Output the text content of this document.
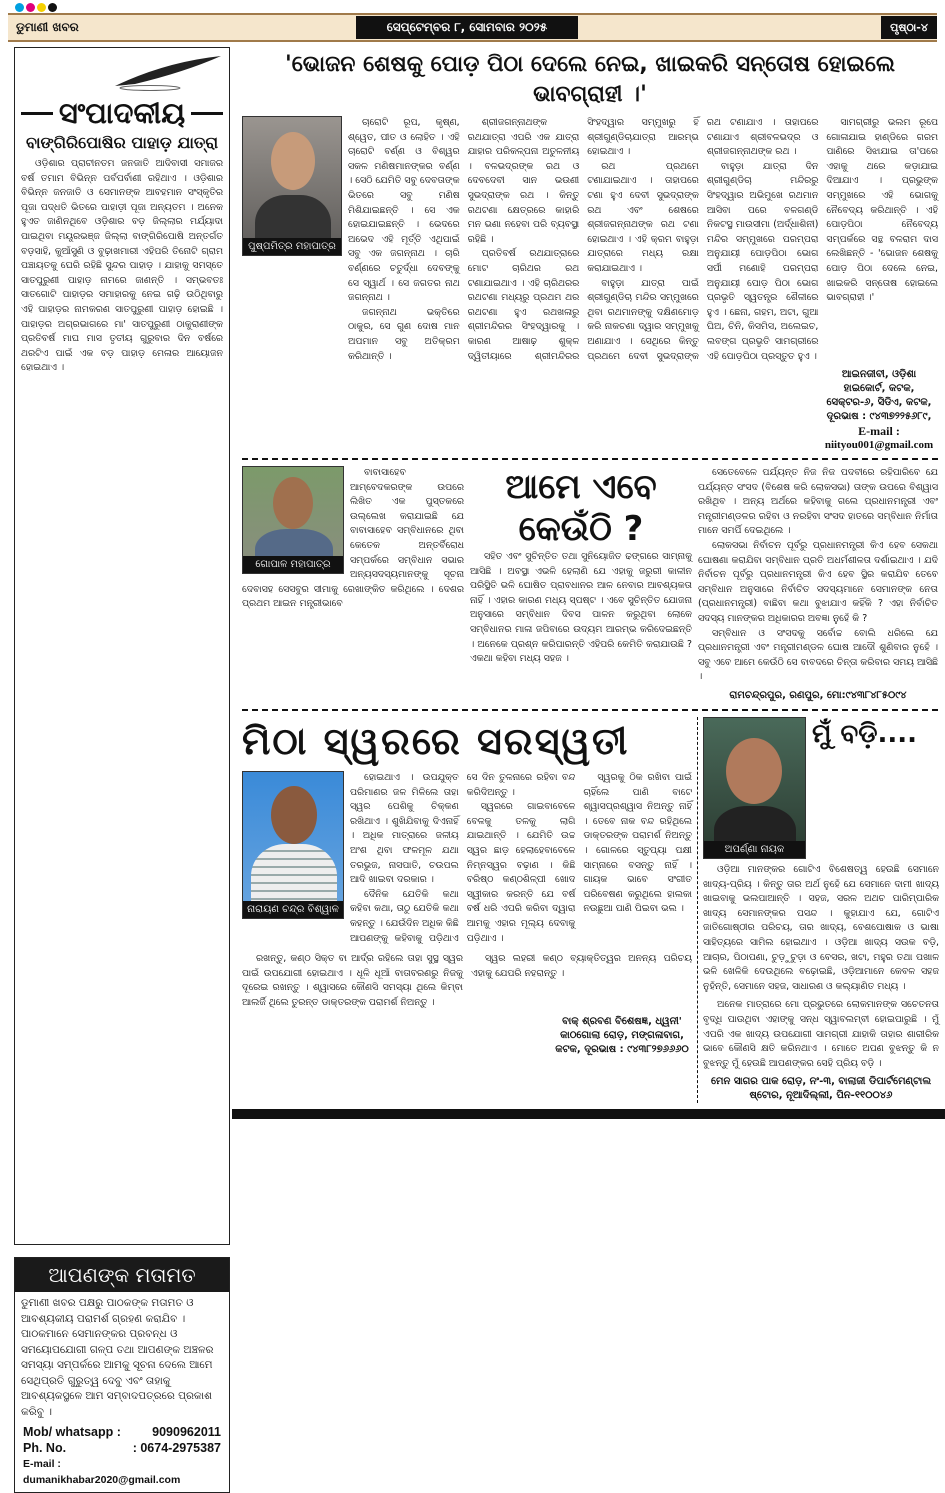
ଡୁମାଣୀ ଖବର	ସେପ୍ଟେମ୍ବର ୮, ସୋମବାର ୨୦୨୫	ପୃଷ୍ଠା-୪
ସଂପାଦକୀୟ
ବାଙ୍ଗିରିପୋଷିର ପାହାଡ଼ ଯାତ୍ରା

ଓଡ଼ିଶାର ପ୍ରାଚୀନତମ ଜନଜାତି ଆଦିବାସୀ ସମାଜର ବର୍ଷ ତମାମ ବିଭିନ୍ନ ପର୍ବପର୍ବାଣୀ ରହିଥାଏ । ଓଡ଼ିଶାର ବିଭିନ୍ନ ଜନଜାତି ଓ ସେମାନଙ୍କ ଆବହମାନ ସଂସ୍କୃତିର ପୂଜା ପଦ୍ଧତି ଭିତରେ ପାହାଡ଼ୀ ପୂଜା ଅନ୍ୟତମ । ଅନେକ ହୁଏତ ଜାଣିନଥିବେ ଓଡ଼ିଶାର ବଡ଼ ଜିଲ୍ଲାର ମର୍ଯ୍ୟାଦା ପାଇଥିବା ମୟୂରଭଞ୍ଜ ଜିଲ୍ଲା ବାଙ୍ଗିରିପୋଷି ଅନ୍ତର୍ଗତ ବଡ଼ସାହି, କୁଆଁସୁଣି ଓ ବୁଢ଼ାଖମାରୀ ଏହିପରି ତିନୋଟି ଗ୍ରାମ ପଞ୍ଚାୟତକୁ ଘେରି ରହିଛି ସୁନ୍ଦର ପାହାଡ଼ । ଯାହାକୁ ସମସ୍ତେ ସାତପୁରୁଣୀ ପାହାଡ଼ ନାମରେ ଜାଣନ୍ତି । ସମ୍ଭବତଃ ସାତଗୋଟି ପାହାଡ଼ର ସମାହାରକୁ ନେଇ ଗଢ଼ି ଉଠିଥିବାରୁ ଏହି ପାହାଡ଼ର ନାମକରଣ ସାତପୁରୁଣୀ ପାହାଡ଼ ହୋଇଛି । ପାହାଡ଼ର ଅଗ୍ରଭାଗରେ ମା' ସାତପୁରୁଣୀ ଠାକୁରାଣୀଙ୍କ ପ୍ରତିବର୍ଷ ମାଘ ମାସ ତୃତୀୟ ଗୁରୁବାର ଦିନ ବର୍ଷରେ ଥରଟିଏ ପାଇଁ ଏକ ବଡ଼ ପାହାଡ଼ ମେଳାର ଆୟୋଜନ ହୋଇଥାଏ ।

ଆପଣଙ୍କ ମତାମତ
ଡୁମାଣୀ ଖବର ପକ୍ଷରୁ ପାଠକଙ୍କ ମତାମତ ଓ ଆବଶ୍ୟକୀୟ ପରାମର୍ଶ ଗ୍ରହଣ କରାଯିବ । ପାଠକମାନେ ସେମାନଙ୍କର ପ୍ରବନ୍ଧ ଓ ସମୟୋପଯୋଗୀ ଗଳ୍ପ ତଥା ଆପଣଙ୍କ ଅଞ୍ଚଳର ସମସ୍ୟା ସମ୍ପର୍କରେ ଆମକୁ ସୂଚନା ଦେଲେ ଆମେ ସେଥିପ୍ରତି ଗୁରୁତ୍ୱ ଦେବୁ ଏବଂ ତାହାକୁ ଆବଶ୍ୟକସ୍ଥଳେ ଆମ ସମ୍ବାଦପତ୍ରରେ ପ୍ରକାଶ କରିବୁ ।
Mob/ whatsapp : 9090962011
Ph. No.	: 0674-2975387
E-mail : dumanikhabar2020@gmail.com
'ଭୋଜନ ଶେଷକୁ ପୋଡ଼ ପିଠା ଦେଲେ ନେଇ, ଖାଇକରି ସନ୍ତୋଷ ହୋଇଲେ ଭାବଗ୍ରାହୀ ।'
ପୁଷ୍ପମିତ୍ର ମହାପାତ୍ର

ଚାରୋଟି ରୂପ, କୃଷ୍ଣ, ଶ୍ୱେତ, ପୀତ ଓ ଲୋହିତ । ଏହି ଚାରୋଟି ବର୍ଣ୍ଣ ଓ ବିଶ୍ୱର ସକଳ ମଣିଷମାନଙ୍କର ବର୍ଣ୍ଣ । ସେଠି ଯେମିତି ସବୁ ଦେବତାଙ୍କ ଭିତରେ ସବୁ ମଣିଷ ମିଶିଯାଇଛନ୍ତି । ସେ ଏକ ହୋଇଯାଇଛନ୍ତି । ଭେଦରେ ଅଭେଦ ଏହି ମୂର୍ତ୍ତି ଏଥିପାଇଁ ସବୁ ଏକ ଜଗନ୍ନାଥ । ଚାରି ବର୍ଣ୍ଣରେ ଚତୁର୍ଦ୍ଧା ଦେବଙ୍କୁ ସେ ସ୍ୱାର୍ଥ । ସେ ଜଗତର ନାଥ ଜଗନ୍ନାଥ ।

ଜଗନ୍ନାଥ ଭକ୍ତିରେ ଠାକୁର, ସେ ଗୁଣ ଦୋଷ ମାନ ଅପମାନ ସବୁ ଅତିକ୍ରମ କରିଥାନ୍ତି ।

ଶ୍ରୀଜଗନ୍ନାଥଙ୍କ ରଥଯାତ୍ରା ଏପରି ଏକ ଯାତ୍ରା ଯାହାର ପରିକଳ୍ପନା ଅତୁଳନୀୟ । ବଳଭଦ୍ରଙ୍କ ରଥ ଓ ଦେବଦେବୀ ସାନ ଭଉଣୀ ସୁଭଦ୍ରାଙ୍କ ରଥ । କିନ୍ତୁ ରଥଟଣା କ୍ଷେତ୍ରରେ କାହାରି ମନ ଭଣା ନହେବା ପରି ବ୍ୟବସ୍ଥା ରହିଛି ।

ପ୍ରତିବର୍ଷ ରଥଯାତ୍ରାରେ ମୋଟ ଚାରିଥର ରଥ ଟଣାଯାଇଥାଏ । ଏହି ଚାରିଥରର ରଥଟଣା ମଧ୍ୟରୁ ପ୍ରଥମ ଥର ରଥଟଣା ହୁଏ ରଥଖଳାରୁ ଶ୍ରୀମନ୍ଦିରର ସିଂହଦ୍ୱାରକୁ । କାରଣ ଆଷାଢ଼ ଶୁକ୍ଳ ଦ୍ୱିତୀୟାରେ ଶ୍ରୀମନ୍ଦିରର ସିଂହଦ୍ୱାର ସମ୍ମୁଖରୁ ହିଁ ଶ୍ରୀଗୁଣ୍ଡିଚାଯାତ୍ରା ଆରମ୍ଭ ହୋଇଥାଏ ।

ରଥ ପ୍ରଥମେ ଟଣାଯାଇଥାଏ । ତାହାପରେ ଟଣା ହୁଏ ଦେବୀ ସୁଭଦ୍ରାଙ୍କ ରଥ ଏବଂ ଶେଷରେ ଶ୍ରୀଜଗନ୍ନାଥଙ୍କ ରଥ ଟଣା ହୋଇଥାଏ । ଏହି କ୍ରମ ବାହୁଡ଼ା ଯାତ୍ରାରେ ମଧ୍ୟ ରକ୍ଷା କରାଯାଇଥାଏ ।

ବାହୁଡ଼ା ଯାତ୍ରା ପାଇଁ ଶ୍ରୀଗୁଣ୍ଡିଚା ମନ୍ଦିର ସମ୍ମୁଖରେ ଥିବା ରଥମାନଙ୍କୁ ଦକ୍ଷିଣମୋଡ଼ କରି ନାକଚଣା ଦ୍ୱାର ସମ୍ମୁଖକୁ ଅଣାଯାଏ । ସେଥିରେ କିନ୍ତୁ ପ୍ରଥମେ ଦେବୀ ସୁଭଦ୍ରାଙ୍କ ରଥ ଟଣାଯାଏ । ତାହାପରେ ଟଣାଯାଏ ଶ୍ରୀବଳଭଦ୍ର ଓ ଶ୍ରୀଜଗନ୍ନାଥଙ୍କ ରଥ ।

ବାହୁଡ଼ା ଯାତ୍ରା ଦିନ ଶ୍ରୀଗୁଣ୍ଡିଚା ମନ୍ଦିରରୁ ସିଂହଦ୍ୱାର ଅଭିମୁଖେ ରଥମାନ ଆସିବା ପରେ ବଳଗଣ୍ଡି ନିକଟସ୍ଥ ମାଉସୀମା (ଅର୍ଦ୍ଧାଶିନୀ) ମନ୍ଦିର ସମ୍ମୁଖରେ ପରମ୍ପରା ଅନୁଯାୟୀ ପୋଡ଼ପିଠା ଭୋଗ ସର୍ପୀ ମଣୋହି ପରମ୍ପରା ଅନୁଯାୟୀ ପୋଡ଼ ପିଠା ଭୋଗ ପ୍ରଭୃତି ସ୍ୱତନ୍ତ୍ର ଶୈଳୀରେ ହୁଏ । ଛେନା, ଗହମ, ଅଟା, ଗୁଆ ଘିଅ, ଚିନି, କିସମିସ, ଅଲେଇଚ, ଲବଙ୍ଗ ପ୍ରଭୃତି ସାମଗ୍ରୀରେ ଏହି ପୋଡ଼ପିଠା ପ୍ରସ୍ତୁତ ହୁଏ ।

ସାମଗ୍ରୀରୁ ଭଲମ ରୂପେ ଗୋଳାଯାଇ ହାଣ୍ଡିରେ ଗରମ ପାଣିରେ ସିଝାଯାଇ ତା'ପରେ ଏହାକୁ ଥରେ କଡ଼ାଯାଇ ଦିଆଯାଏ । ପ୍ରଭୁଙ୍କ ସମ୍ମୁଖରେ ଏହି ଭୋଗକୁ ନୈବେଦ୍ୟ କରିଥାନ୍ତି । ଏହି ପୋଡ଼ପିଠା ନୈବେଦ୍ୟ ସମ୍ପର୍କରେ ସନ୍ଥ ବଳରାମ ଦାସ ଲେଖିଛନ୍ତି - 'ଭୋଜନ ଶେଷକୁ ପୋଡ଼ ପିଠା ଦେଲେ ନେଇ, ଖାଇକରି ସନ୍ତୋଷ ହୋଇଲେ ଭାବଗ୍ରାହୀ ।'

ଆଇନଜୀବୀ, ଓଡ଼ିଶା ହାଇକୋର୍ଟ, କଟକ, ସେକ୍ଟର-୬, ସିଡିଏ, କଟକ, ଦୂରଭାଷ : ୯୪୩୭୨୨୫୬୮୯,
E-mail :
niityou001@gmail.com
ଗୋପାଳ ମହାପାତ୍ର

ବାବାସାହେବ ଆମ୍ବେଦକରଙ୍କ ଉପରେ ଲିଖିତ ଏକ ପୁସ୍ତକରେ ଉଲ୍ଲେଖ କରାଯାଇଛି ଯେ ବାବାସାହେବ ସମ୍ବିଧାନରେ ଥିବା କେତେକ ଅନ୍ତର୍ବିରୋଧ ସମ୍ପର୍କରେ ସମ୍ବିଧାନ ସଭାର ଅନ୍ୟସଦସ୍ୟମାନଙ୍କୁ ସୂଚନା ଦେବାସହ ସେସବୁର ସୀମାକୁ ରେଖାଙ୍କିତ କରିଥିଲେ । ଦେଶର ପ୍ରଥମ ଆଇନ ମନ୍ତ୍ରୀଭାବେ

ଆମେ ଏବେ କେଉଁଠି ?

ସହିତ ଏବଂ ସୁଚିନ୍ତିତ ତଥା ସୁନିୟୋଜିତ ଢଙ୍ଗରେ ସାମ୍ନାକୁ ଆସିଛି । ଅବସ୍ଥା ଏଭଳି ହେଲାଣି ଯେ ଏହାକୁ ଜରୁରୀ କାଳୀନ ପରିସ୍ଥିତି ଭଳି ଘୋଷିତ ପ୍ରାବଧାନର ଆଳ ନେବାର ଆବଶ୍ୟକତା ନାହିଁ । ଏହାର କାରଣ ମଧ୍ୟ ସ୍ପଷ୍ଟ । ଏବେ ସୁଚିନ୍ତିତ ଯୋଜନା ଅନୁସାରେ ସମ୍ବିଧାନ ଦିବସ ପାଳନ କରୁଥିବା ଲୋକେ ସମ୍ବିଧାନର ମାଳା ଜପିବାରେ ଉଦ୍ୟମ ଆରମ୍ଭ କରିଦେଇଛନ୍ତି । ଅନେକେ ପ୍ରଶ୍ନ କରିପାରନ୍ତି ଏହିପରି କେମିତି କରାଯାଉଛି ? ଏକଥା କହିବା ମଧ୍ୟ ସହଜ ।

ସେତେବେଳେ ପର୍ଯ୍ୟନ୍ତ ନିଜ ନିଜ ପଦବୀରେ ରହିପାରିବେ ଯେ ପର୍ଯ୍ୟନ୍ତ ସଂସଦ (ବିଶେଷ କରି ଲୋକସଭା) ତାଙ୍କ ଉପରେ ବିଶ୍ୱାସ ରଖିଥିବ । ଅନ୍ୟ ଅର୍ଥରେ କହିବାକୁ ଗଲେ ପ୍ରଧାନମନ୍ତ୍ରୀ ଏବଂ ମନ୍ତ୍ରୀମଣ୍ଡଳର ରହିବା ଓ ନରହିବା ସଂସଦ ହାତରେ ସମ୍ବିଧାନ ନିର୍ମାତା ମାନେ ସମର୍ପି ଦେଇଥିଲେ ।

ଲୋକସଭା ନିର୍ବାଚନ ପୂର୍ବରୁ ପ୍ରଧାନମନ୍ତ୍ରୀ କିଏ ହେବ ସେକଥା ଘୋଷଣା କରାଯିବା ସମ୍ବିଧାନ ପ୍ରତି ଅଧର୍ମଶୀଳତା ଦର୍ଶାଇଥାଏ । ଯଦି ନିର୍ବାଚନ ପୂର୍ବରୁ ପ୍ରଧାନମନ୍ତ୍ରୀ କିଏ ହେବ ସ୍ଥିର କରାଯିବ ତେବେ ସମ୍ବିଧାନ ଅନୁସାରେ ନିର୍ବାଚିତ ସଦସ୍ୟମାନେ ସେମାନଙ୍କ ନେତା (ପ୍ରଧାନମନ୍ତ୍ରୀ) ବାଛିବା କଥା ବୁଝାଯାଏ କହିଁକି ? ଏହା ନିର୍ବାଚିତ ସଦସ୍ୟ ମାନଙ୍କର ଅଧିକାରର ଅବଜ୍ଞା ନୁହେଁ କି ?

ସମ୍ବିଧାନ ଓ ସଂସଦକୁ ସର୍ବୋଚ୍ଚ ବୋଲି ଧରିଲେ ଯେ ପ୍ରଧାନମନ୍ତ୍ରୀ ଏବଂ ମନ୍ତ୍ରୀମଣ୍ଡଳ ଘୋଷ ଆଦୌ ଶୁଣିବାର ନୁହେଁ । ସବୁ ଏବେ ଆମେ କେଉଁଠି ସେ ବାବଦରେ ଚିନ୍ତା କରିବାର ସମୟ ଆସିଛି ।

ରାମଚନ୍ଦ୍ରପୁର, ରଣପୁର, ମୋ:୯୪୩୮୪୮୫୦୯୪
ମିଠା ସ୍ୱରରେ ସରସ୍ୱତୀ
ନାରାୟଣ ଚନ୍ଦ୍ର ବିଶ୍ୱାଳ

ହୋଇଥାଏ । ଉପଯୁକ୍ତ ପରିମାଣର ଜଳ ମିଳିଲେ ତାହା ସ୍ୱର ପେଶିକୁ ଚିକ୍କଣ ରଖିଥାଏ । ଶୁଖିଯିବାକୁ ଦିଏନାହିଁ । ଅଧିକ ମାତ୍ରାରେ ଜଳୀୟ ଅଂଶ ଥିବା ଫଳମୂଳ ଯଥା ତରଭୁଜ, ନାସପାତି, ଚଉପଲ ଆଦି ଖାଇବା ଦରକାର ।

ଦୈନିକ ଯେତିକି କଥା କହିବା କଥା, ତାଠୁ ଯେତିକି କଥା କହନ୍ତୁ । ଯେଉଁଦିନ ଅଧିକ କିଛି ଆପଣଙ୍କୁ କହିବାକୁ ପଡ଼ିଥାଏ ସେ ଦିନ ତୁଳନାରେ ରହିବା ବନ୍ଦ କରିଦିଅନ୍ତୁ ।

ସ୍ୱରରେ ଗାଇବାବେଳେ ବେଳକୁ ତଳକୁ ଲାଗି ଯାଇଥାନ୍ତି । ଯେମିତି ଉଚ୍ଚ ସ୍ୱର ଛାଡ଼ ହେଲାହେବାବେଳେ ନିମ୍ନସ୍ୱର ବଢ଼ାଣ । କିଛି ବରିଷ୍ଠ କଣ୍ଠଶିଳ୍ପୀ ଖୋଦ ସ୍ୱୀକାର କରନ୍ତି ଯେ ବର୍ଷ ବର୍ଷ ଧରି ଏପରି କରିବା ଦ୍ୱାରା ଆମକୁ ଏହାର ମୂଲ୍ୟ ଦେବାକୁ ପଡ଼ିଥାଏ ।

ସ୍ୱରକୁ ଠିକ ରଖିବା ପାଇଁ ଚାହିଁଲେ ପାଣି ବାଟେ ଶ୍ୱାସପ୍ରଶ୍ୱାସ ନିଅନ୍ତୁ ନାହିଁ । ତେବେ ନାକ ବନ୍ଦ ରହିଥିଲେ ଡାକ୍ତରଙ୍କ ପରାମର୍ଶ ନିଅନ୍ତୁ । ଗୋଳରେ ସ୍ତୁପ୍ୟା ପକ୍ଷୀ ସାମ୍ନାରେ ବସନ୍ତୁ ନାହିଁ । ଗାୟକ ଭାବେ ସଂଗୀତ ପରିବେଷଣ କରୁଥିଲେ ହାଲକା ନଉଛୁଆ ପାଣି ପିଇବା ଭଲ ।

ରଖନ୍ତୁ, କଣ୍ଠ ସିକ୍ତ ବା ଆର୍ଦ୍ର ରହିଲେ ତାହା ସୁସ୍ଥ ସ୍ୱର ପାଇଁ ଉପଯୋଗୀ ହୋଇଥାଏ । ଧୂଳି ଧୂଆଁ ବାତାବରଣରୁ ନିଜକୁ ଦୂରେଇ ରଖନ୍ତୁ । ଶ୍ୱାସରେ କୌଣସି ସମସ୍ୟା ଥିଲେ କିମ୍ବା ଆଲର୍ଜି ଥିଲେ ତୁରନ୍ତ ଡାକ୍ତରଙ୍କ ପରାମର୍ଶ ନିଅନ୍ତୁ ।

ସ୍ୱର ଲହରୀ କଣ୍ଠ ବ୍ୟାକ୍ତିତ୍ୱର ଅନନ୍ୟ ପରିଚୟ ଏହାକୁ ଯେପରି ନହରାନ୍ତୁ ।

ବାକ୍ ଶ୍ରବଣ ବିଶେଷଜ୍ଞ, ଧ୍ୱନୀ' କାଠଗୋଲା ରୋଡ଼, ମଙ୍ଗଳାବାଗ, କଟକ, ଦୂରଭାଷ : ୯୪୩୮୨୭୬୬୬୦
ଅପର୍ଣ୍ଣା ନାୟକ
ମୁଁ ବଡ଼ି....

ଓଡ଼ିଆ ମାନଙ୍କର ଗୋଟିଏ ବିଶେଷତ୍ୱ ହେଉଛି ସେମାନେ ଖାଦ୍ୟ-ପ୍ରିୟ । କିନ୍ତୁ ତାର ଅର୍ଥ ନୁହେଁ ଯେ ସେମାନେ ଦାମୀ ଖାଦ୍ୟ ଖାଇବାକୁ ଭଲପାଆନ୍ତି । ସହଜ, ସରଳ ଅଥଚ ପାରିମ୍ପାରିକ ଖାଦ୍ୟ ସେମାନଙ୍କର ପସନ୍ଦ । କୁହାଯାଏ ଯେ, ଗୋଟିଏ ଜାତିଗୋଷ୍ଠୀର ପରିଚୟ, ତାର ଖାଦ୍ୟ, ବେଶପୋଷାକ ଓ ଭାଷା ସାହିତ୍ୟରେ ସାମିଲ ହୋଇଥାଏ । ଓଡ଼ିଆ ଖାଦ୍ୟ ସଉକ ବଡ଼ି, ଆଚାର, ପିଠାପଣା, ଚୁଡ଼ୁଚୁଡ଼ା ଓ ବେସର, ଖଟା, ମହୁର ତଥା ପଖାଳ ଭଳି ଖେଳିକି ଦେଉଥିଲେ ବଢ଼ୋଇଛି, ଓଡ଼ିଆମାନେ କେବଳ ସହଜ ନୁହଁନ୍ତି, ସେମାନେ ସହଜ, ସାଧାରଣ ଓ କଲ୍ୟାଣିତ ମଧ୍ୟ ।

ଅନେକ ମାତ୍ରାରେ ମୋ ପ୍ରଭୁତରେ ଲୋକମାନଙ୍କ ସଚେତନତା ବୃଦ୍ଧି ପାଉଥିବା ଏହାଙ୍କୁ ସନ୍ଧ ସ୍ୱାବଲମ୍ବୀ ହୋଇପାରୁଛି । ମୁଁ ଏପରି ଏକ ଖାଦ୍ୟ ଉପଯୋଗୀ ସାମଗ୍ରୀ ଯାହାକି ତାହାର ଶାରୀରିକ ଭାବେ କୌଣସି କ୍ଷତି କରିନଥାଏ । ମୋତେ ଅପଣ ବୁଝନ୍ତୁ କି ନ ବୁଝନ୍ତୁ ମୁଁ ହେଉଛି ଆପଣଙ୍କର ସେହି ପ୍ରିୟ ବଡ଼ି ।

ମେନ ସାଗର ପାକ ରୋଡ଼, ନଂ-୩, ବାଲାଜୀ ଡିପାର୍ଟମେଣ୍ଟାଲ ଷ୍ଟୋର, ନୂଆଦିଲ୍ଲୀ, ପିନ-୧୧୦୦୪୬
